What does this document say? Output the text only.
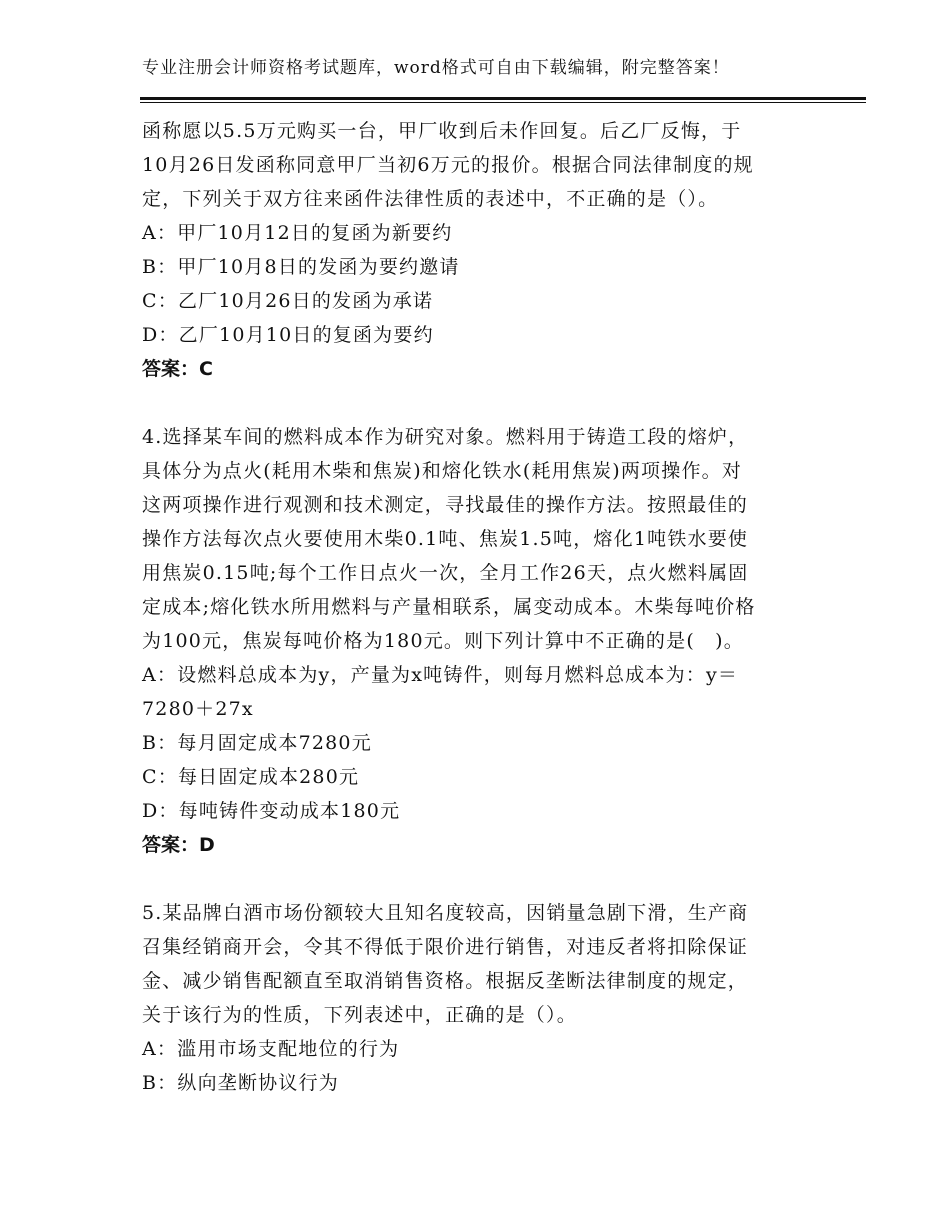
专业注册会计师资格考试题库，word格式可自由下载编辑，附完整答案！
函称愿以5.5万元购买一台，甲厂收到后未作回复。后乙厂反悔，于
10月26日发函称同意甲厂当初6万元的报价。根据合同法律制度的规
定，下列关于双方往来函件法律性质的表述中，不正确的是（）。
A：甲厂10月12日的复函为新要约
B：甲厂10月8日的发函为要约邀请
C：乙厂10月26日的发函为承诺
D：乙厂10月10日的复函为要约
答案：C
4.选择某车间的燃料成本作为研究对象。燃料用于铸造工段的熔炉，
具体分为点火(耗用木柴和焦炭)和熔化铁水(耗用焦炭)两项操作。对
这两项操作进行观测和技术测定，寻找最佳的操作方法。按照最佳的
操作方法每次点火要使用木柴0.1吨、焦炭1.5吨，熔化1吨铁水要使
用焦炭0.15吨;每个工作日点火一次，全月工作26天，点火燃料属固
定成本;熔化铁水所用燃料与产量相联系，属变动成本。木柴每吨价格
为100元，焦炭每吨价格为180元。则下列计算中不正确的是(　)。
A：设燃料总成本为y，产量为x吨铸件，则每月燃料总成本为：y＝
7280＋27x
B：每月固定成本7280元
C：每日固定成本280元
D：每吨铸件变动成本180元
答案：D
5.某品牌白酒市场份额较大且知名度较高，因销量急剧下滑，生产商
召集经销商开会，令其不得低于限价进行销售，对违反者将扣除保证
金、减少销售配额直至取消销售资格。根据反垄断法律制度的规定，
关于该行为的性质，下列表述中，正确的是（）。
A：滥用市场支配地位的行为
B：纵向垄断协议行为
